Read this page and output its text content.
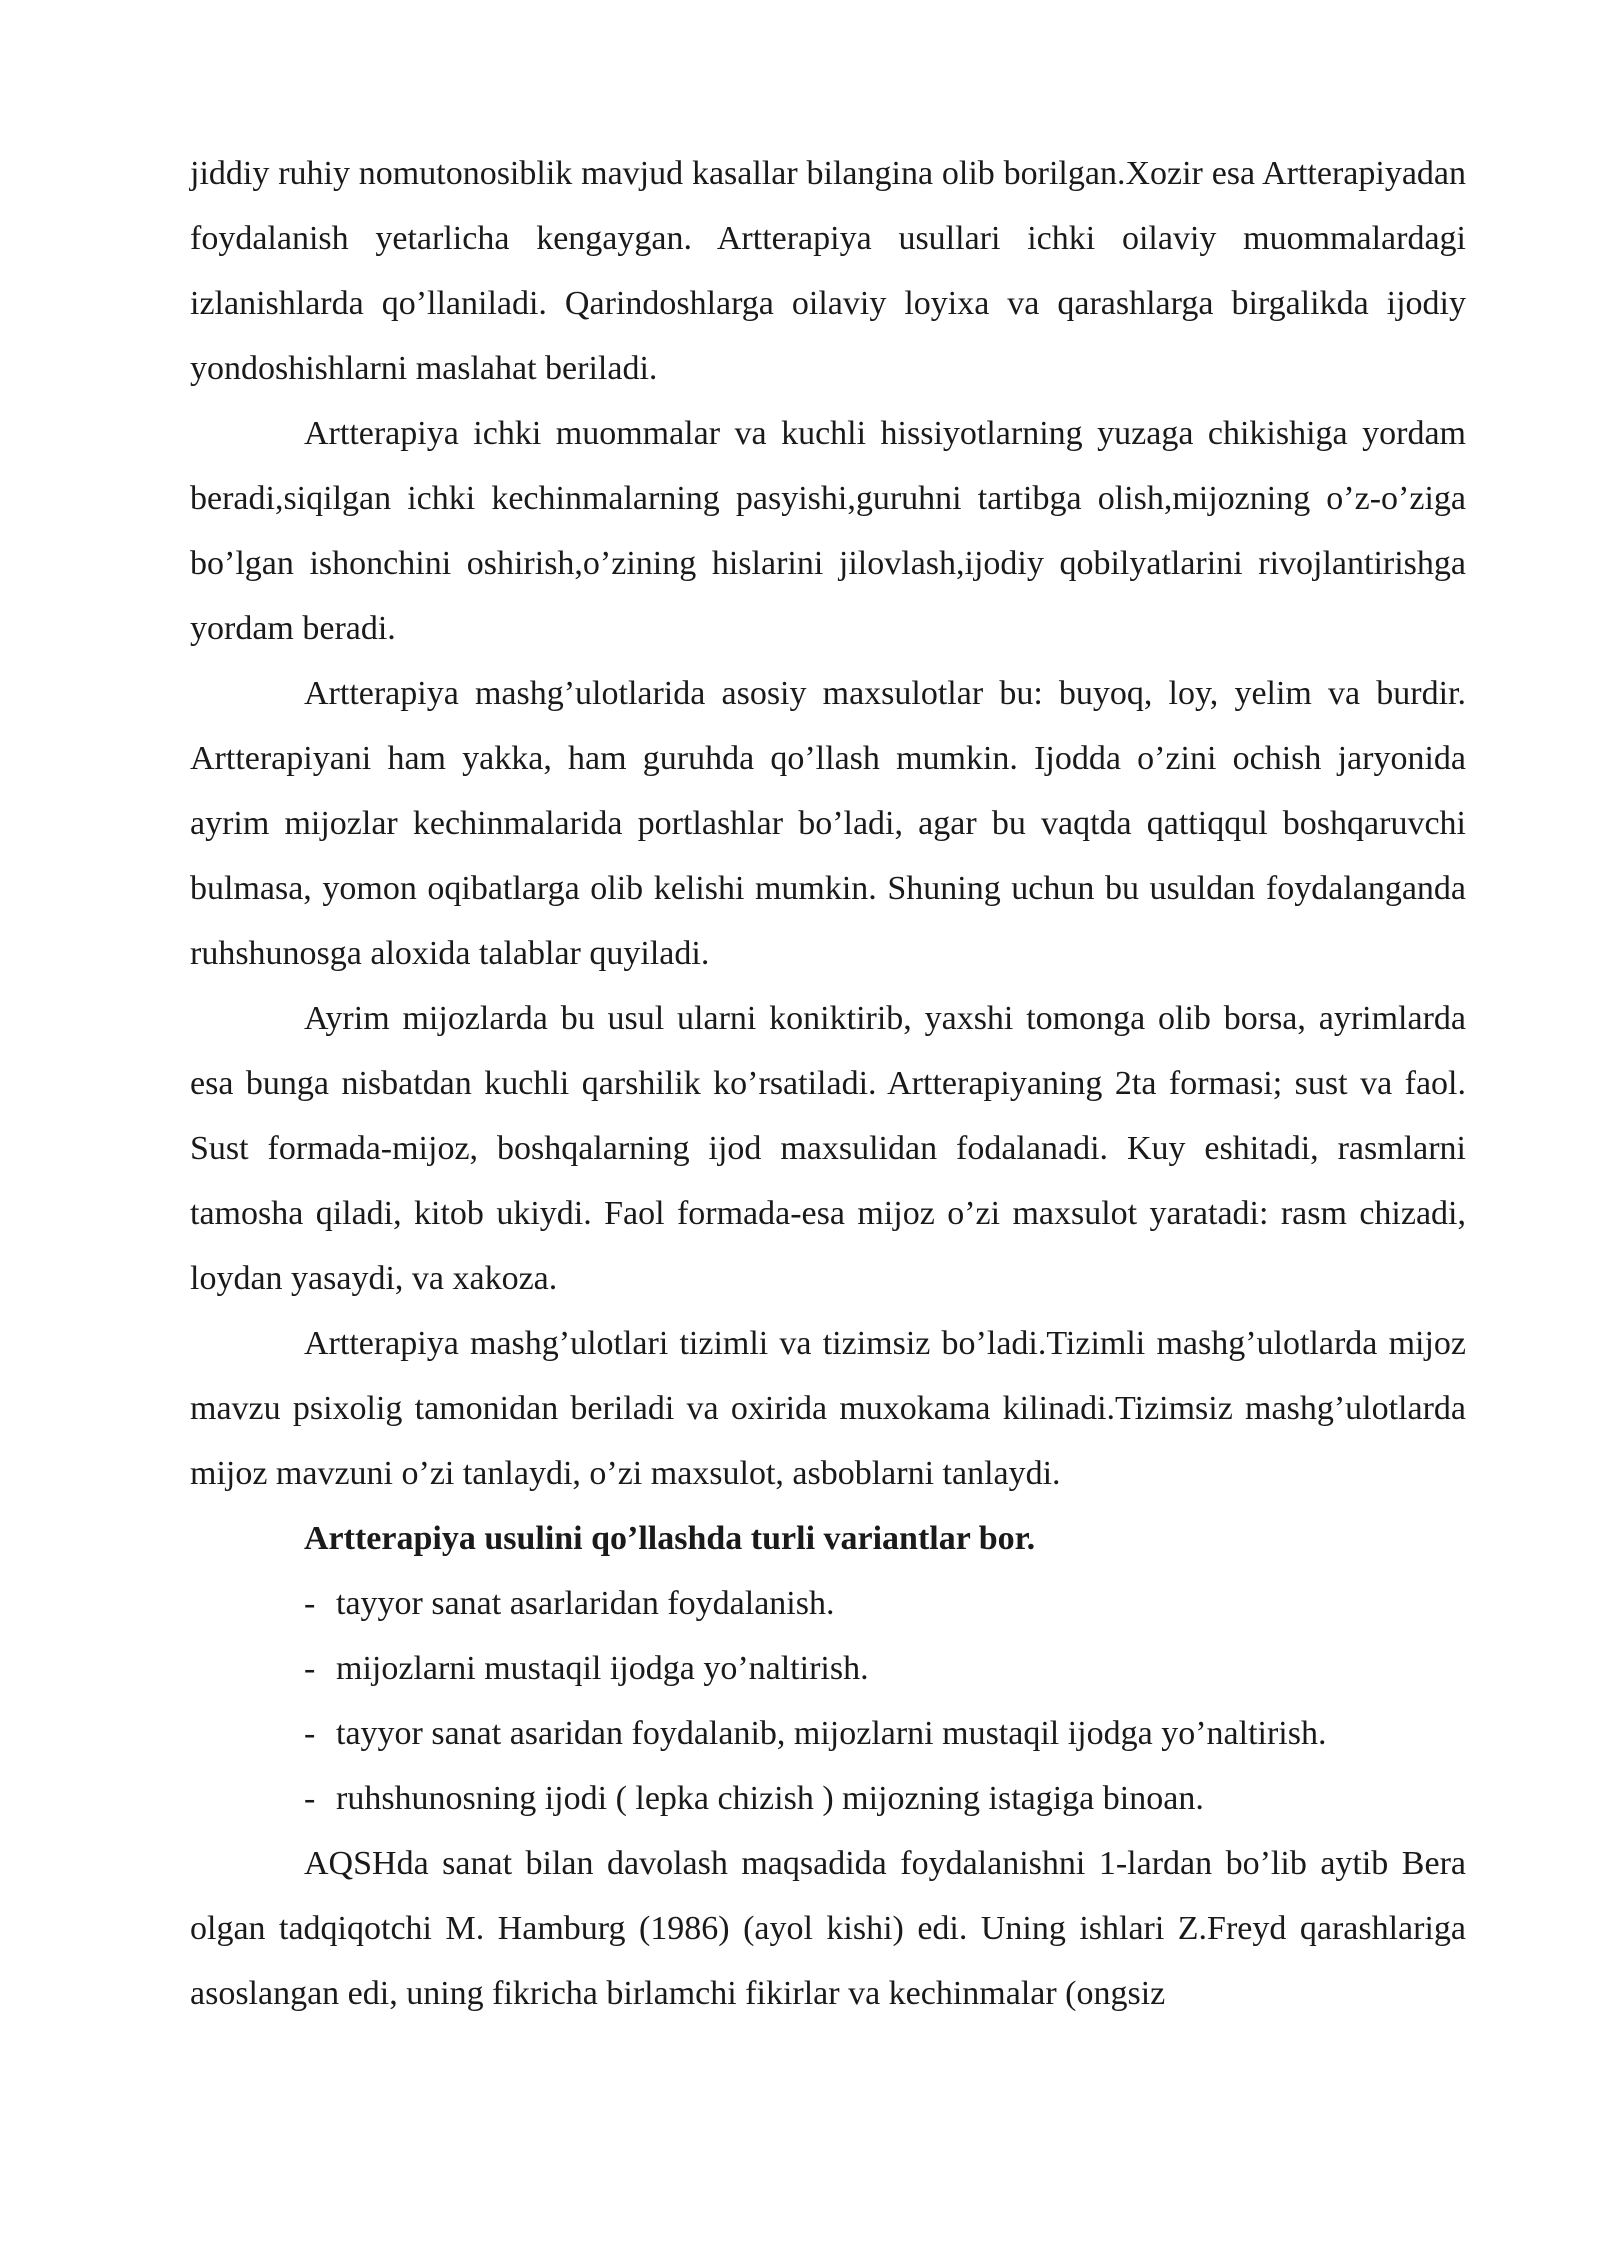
jiddiy ruhiy nomutonosiblik mavjud kasallar bilangina olib borilgan.Xozir esa Artterapiyadan foydalanish yetarlicha kengaygan. Artterapiya usullari ichki oilaviy muommalardagi izlanishlarda qo’llaniladi. Qarindoshlarga oilaviy loyixa va qarashlarga birgalikda ijodiy yondoshishlarni maslahat beriladi.

Artterapiya ichki muommalar va kuchli hissiyotlarning yuzaga chikishiga yordam beradi,siqilgan ichki kechinmalarning pasyishi,guruhni tartibga olish,mijozning o’z-o’ziga bo’lgan ishonchini oshirish,o’zining hislarini jilovlash,ijodiy qobilyatlarini rivojlantirishga yordam beradi.

Artterapiya mashg’ulotlarida asosiy maxsulotlar bu: buyoq, loy, yelim va burdir. Artterapiyani ham yakka, ham guruhda qo’llash mumkin. Ijodda o’zini ochish jaryonida ayrim mijozlar kechinmalarida portlashlar bo’ladi, agar bu vaqtda qattiqqul boshqaruvchi bulmasa, yomon oqibatlarga olib kelishi mumkin. Shuning uchun bu usuldan foydalanganda ruhshunosga aloxida talablar quyiladi.

Ayrim mijozlarda bu usul ularni koniktirib, yaxshi tomonga olib borsa, ayrimlarda esa bunga nisbatdan kuchli qarshilik ko’rsatiladi. Artterapiyaning 2ta formasi; sust va faol. Sust formada-mijoz, boshqalarning ijod maxsulidan fodalanadi. Kuy eshitadi, rasmlarni tamosha qiladi, kitob ukiydi. Faol formada-esa mijoz o’zi maxsulot yaratadi: rasm chizadi, loydan yasaydi, va xakoza.

Artterapiya mashg’ulotlari tizimli va tizimsiz bo’ladi.Tizimli mashg’ulotlarda mijoz mavzu psixolig tamonidan beriladi va oxirida muxokama kilinadi.Tizimsiz mashg’ulotlarda mijoz mavzuni o’zi tanlaydi, o’zi maxsulot, asboblarni tanlaydi.

Artterapiya usulini qo’llashda turli variantlar bor.

- tayyor sanat asarlaridan foydalanish.
- mijozlarni mustaqil ijodga yo’naltirish.
- tayyor sanat asaridan foydalanib, mijozlarni mustaqil ijodga yo’naltirish.
- ruhshunosning ijodi ( lepka chizish ) mijozning istagiga binoan.

AQSHda sanat bilan davolash maqsadida foydalanishni 1-lardan bo’lib aytib Bera olgan tadqiqotchi M. Hamburg (1986) (ayol kishi) edi. Uning ishlari Z.Freyd qarashlariga asoslangan edi, uning fikricha birlamchi fikirlar va kechinmalar (ongsiz
